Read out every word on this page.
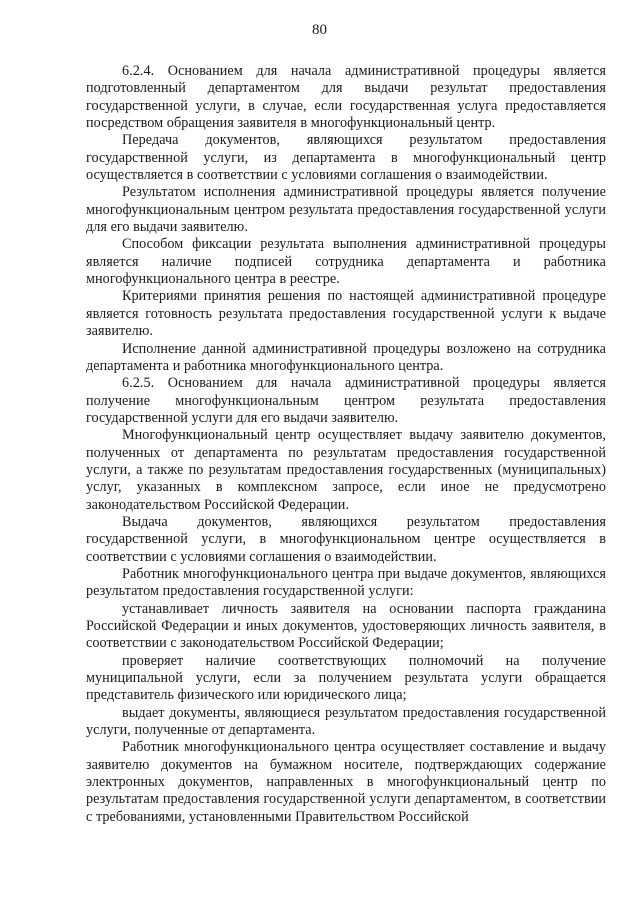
80

6.2.4. Основанием для начала административной процедуры является подготовленный департаментом для выдачи результат предоставления государственной услуги, в случае, если государственная услуга предоставляется посредством обращения заявителя в многофункциональный центр.

Передача документов, являющихся результатом предоставления государственной услуги, из департамента в многофункциональный центр осуществляется в соответствии с условиями соглашения о взаимодействии.

Результатом исполнения административной процедуры является получение многофункциональным центром результата предоставления государственной услуги для его выдачи заявителю.

Способом фиксации результата выполнения административной процедуры является наличие подписей сотрудника департамента и работника многофункционального центра в реестре.

Критериями принятия решения по настоящей административной процедуре является готовность результата предоставления государственной услуги к выдаче заявителю.

Исполнение данной административной процедуры возложено на сотрудника департамента и работника многофункционального центра.

6.2.5. Основанием для начала административной процедуры является получение многофункциональным центром результата предоставления государственной услуги для его выдачи заявителю.

Многофункциональный центр осуществляет выдачу заявителю документов, полученных от департамента по результатам предоставления государственной услуги, а также по результатам предоставления государственных (муниципальных) услуг, указанных в комплексном запросе, если иное не предусмотрено законодательством Российской Федерации.

Выдача документов, являющихся результатом предоставления государственной услуги, в многофункциональном центре осуществляется в соответствии с условиями соглашения о взаимодействии.

Работник многофункционального центра при выдаче документов, являющихся результатом предоставления государственной услуги:

устанавливает личность заявителя на основании паспорта гражданина Российской Федерации и иных документов, удостоверяющих личность заявителя, в соответствии с законодательством Российской Федерации;

проверяет наличие соответствующих полномочий на получение муниципальной услуги, если за получением результата услуги обращается представитель физического или юридического лица;

выдает документы, являющиеся результатом предоставления государственной услуги, полученные от департамента.

Работник многофункционального центра осуществляет составление и выдачу заявителю документов на бумажном носителе, подтверждающих содержание электронных документов, направленных в многофункциональный центр по результатам предоставления государственной услуги департаментом, в соответствии с требованиями, установленными Правительством Российской
